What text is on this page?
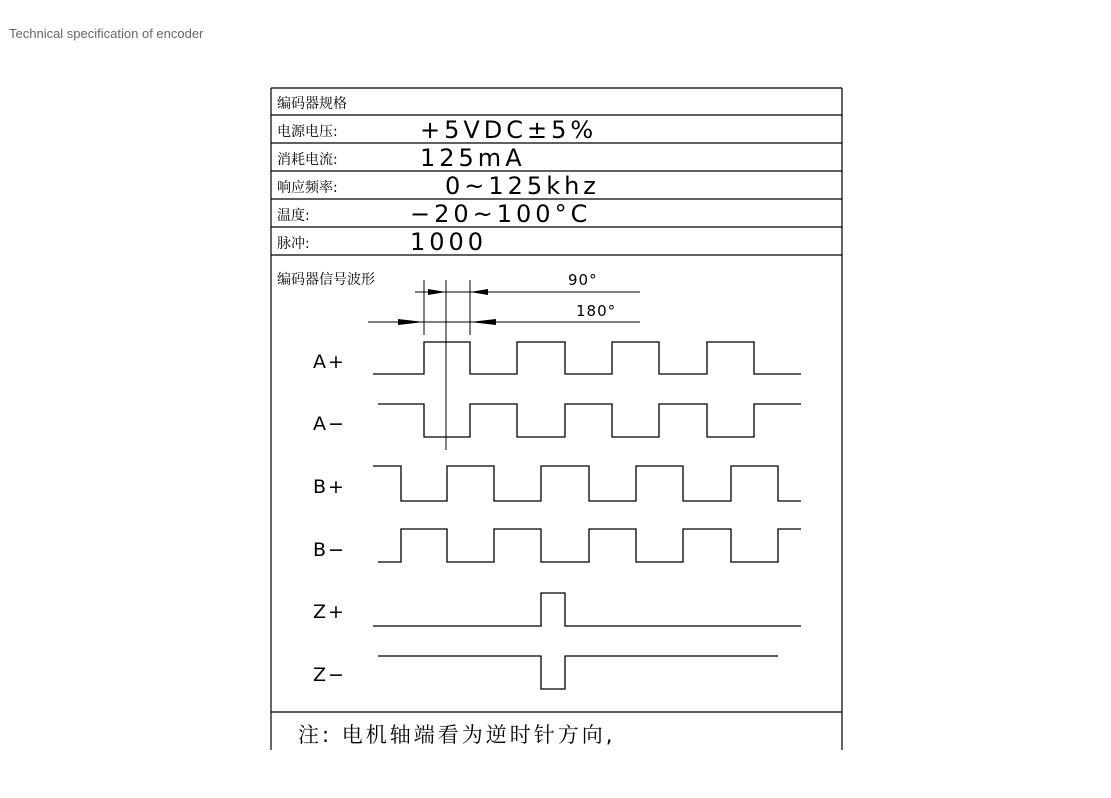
Technical specification of encoder
编码器规格
电源电压:	+5VDC±5%
消耗电流:	125mA
响应频率:	0~125khz
温度:	−20~100°C
脉冲:	1000
编码器信号波形	90°
180°
A+
A−
B+
B−
Z+
Z−
注: 电机轴端看为逆时针方向,
